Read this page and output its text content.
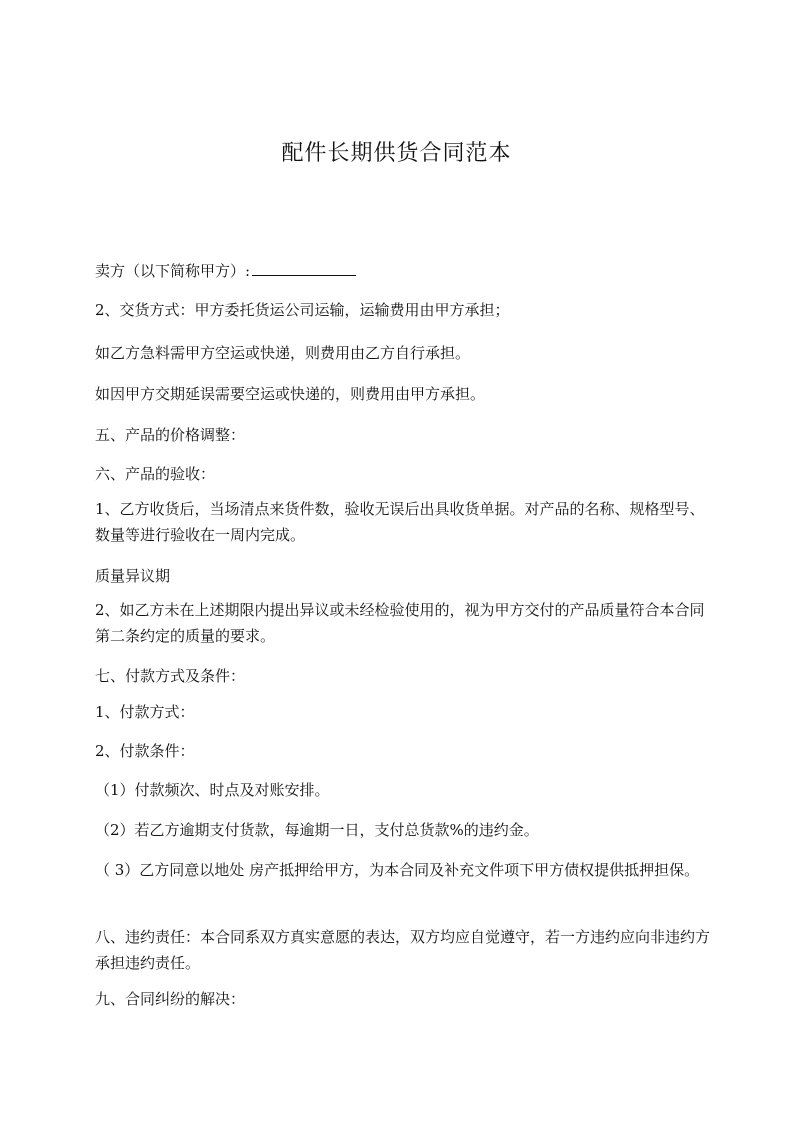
配件长期供货合同范本
卖方（以下简称甲方）:
2、交货方式：甲方委托货运公司运输，运输费用由甲方承担；
如乙方急料需甲方空运或快递，则费用由乙方自行承担。
如因甲方交期延误需要空运或快递的，则费用由甲方承担。
五、产品的价格调整：
六、产品的验收：
1、乙方收货后，当场清点来货件数，验收无误后出具收货单据。对产品的名称、规格型号、数量等进行验收在一周内完成。
质量异议期
2、如乙方未在上述期限内提出异议或未经检验使用的，视为甲方交付的产品质量符合本合同第二条约定的质量的要求。
七、付款方式及条件：
1、付款方式：
2、付款条件：
（1）付款频次、时点及对账安排。
（2）若乙方逾期支付货款，每逾期一日，支付总货款%的违约金。
（ 3）乙方同意以地处 房产抵押给甲方，为本合同及补充文件项下甲方债权提供抵押担保。
八、违约责任：本合同系双方真实意愿的表达，双方均应自觉遵守，若一方违约应向非违约方承担违约责任。
九、合同纠纷的解决：
